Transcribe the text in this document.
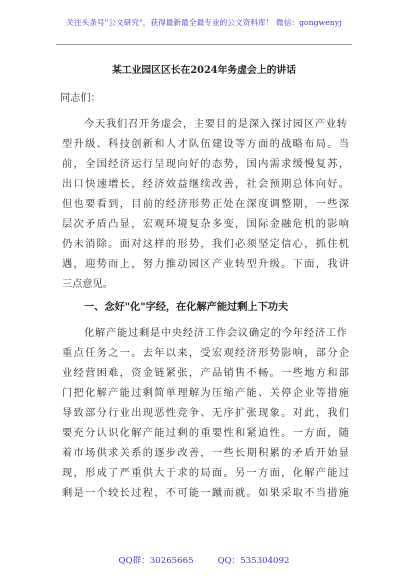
关注头条号"公文研究"，获得最新最全最专业的公文资料库！ 微信：gongwenyj
某工业园区区长在2024年务虚会上的讲话
同志们：
今天我们召开务虚会，主要目的是深入探讨园区产业转
型升级、科技创新和人才队伍建设等方面的战略布局。当
前，全国经济运行呈现向好的态势，国内需求缓慢复苏，
出口快速增长，经济效益继续改善，社会预期总体向好。
但也要看到，目前的经济形势正处在深度调整期，一些深
层次矛盾凸显，宏观环境复杂多变，国际金融危机的影响
仍未消除。面对这样的形势，我们必须坚定信心，抓住机
遇，迎势而上，努力推动园区产业转型升级。下面，我讲
三点意见。
一、念好"化"字经，在化解产能过剩上下功夫
化解产能过剩是中央经济工作会议确定的今年经济工作
重点任务之一。去年以来，受宏观经济形势影响，部分企
业经营困难，资金链紧张，产品销售不畅。一些地方和部
门把化解产能过剩简单理解为压缩产能、关停企业等措施
导致部分行业出现恶性竞争、无序扩张现象。对此，我们
要充分认识化解产能过剩的重要性和紧迫性。一方面，随
着市场供求关系的逐步改善，一些长期积累的矛盾开始显
现，形成了严重供大于求的局面。另一方面，化解产能过
剩是一个较长过程，不可能一蹴而就。如果采取不当措施
QQ群：30265665	QQ：535304092
